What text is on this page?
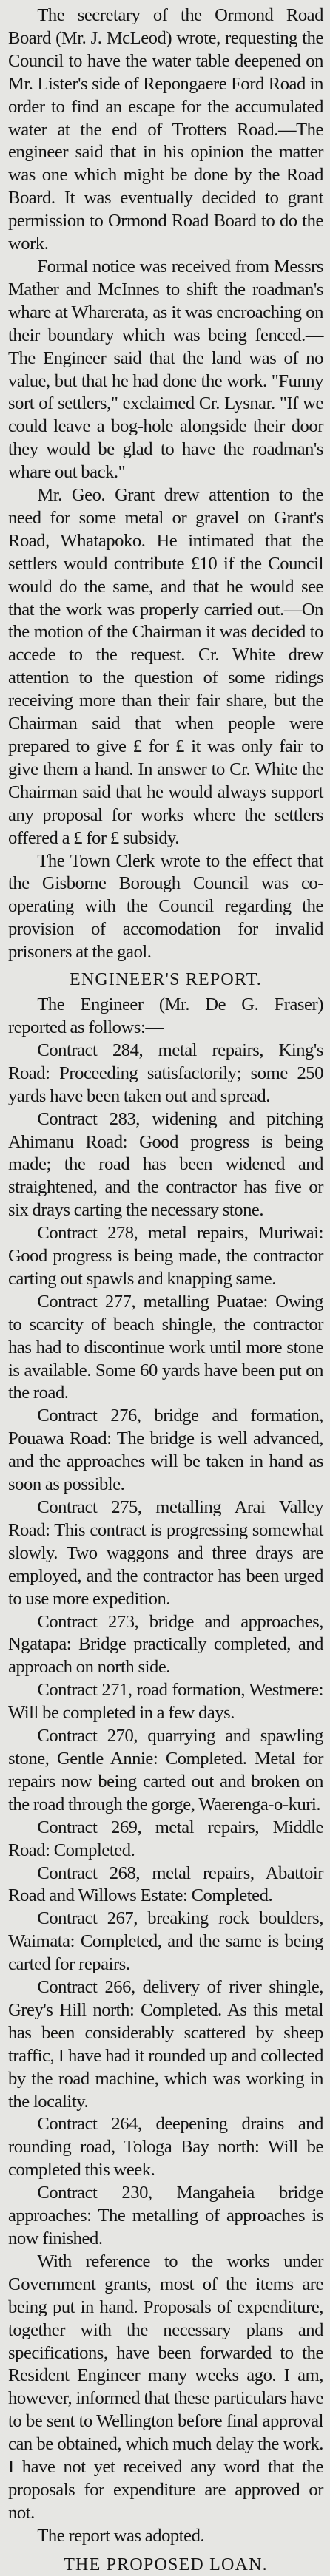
The secretary of the Ormond Road Board (Mr. J. McLeod) wrote, requesting the Council to have the water table deepened on Mr. Lister's side of Repongaere Ford Road in order to find an escape for the accumulated water at the end of Trotters Road.—The engineer said that in his opinion the matter was one which might be done by the Road Board. It was eventually decided to grant permission to Ormond Road Board to do the work.

Formal notice was received from Messrs Mather and McInnes to shift the roadman's whare at Wharerata, as it was encroaching on their boundary which was being fenced.—The Engineer said that the land was of no value, but that he had done the work. "Funny sort of settlers," exclaimed Cr. Lysnar. "If we could leave a bog-hole alongside their door they would be glad to have the roadman's whare out back."

Mr. Geo. Grant drew attention to the need for some metal or gravel on Grant's Road, Whatapoko. He intimated that the settlers would contribute £10 if the Council would do the same, and that he would see that the work was properly carried out.—On the motion of the Chairman it was decided to accede to the request. Cr. White drew attention to the question of some ridings receiving more than their fair share, but the Chairman said that when people were prepared to give £ for £ it was only fair to give them a hand. In answer to Cr. White the Chairman said that he would always support any proposal for works where the settlers offered a £ for £ subsidy.

The Town Clerk wrote to the effect that the Gisborne Borough Council was co-operating with the Council regarding the provision of accomodation for invalid prisoners at the gaol.

ENGINEER'S REPORT.

The Engineer (Mr. De G. Fraser) reported as follows:—

Contract 284, metal repairs, King's Road: Proceeding satisfactorily; some 250 yards have been taken out and spread.

Contract 283, widening and pitching Ahimanu Road: Good progress is being made; the road has been widened and straightened, and the contractor has five or six drays carting the necessary stone.

Contract 278, metal repairs, Muriwai: Good progress is being made, the contractor carting out spawls and knapping same.

Contract 277, metalling Puatae: Owing to scarcity of beach shingle, the contractor has had to discontinue work until more stone is available. Some 60 yards have been put on the road.

Contract 276, bridge and formation, Pouawa Road: The bridge is well advanced, and the approaches will be taken in hand as soon as possible.

Contract 275, metalling Arai Valley Road: This contract is progressing somewhat slowly. Two waggons and three drays are employed, and the contractor has been urged to use more expedition.

Contract 273, bridge and approaches, Ngatapa: Bridge practically completed, and approach on north side.

Contract 271, road formation, Westmere: Will be completed in a few days.

Contract 270, quarrying and spawling stone, Gentle Annie: Completed. Metal for repairs now being carted out and broken on the road through the gorge, Waerenga-o-kuri.

Contract 269, metal repairs, Middle Road: Completed.

Contract 268, metal repairs, Abattoir Road and Willows Estate: Completed.

Contract 267, breaking rock boulders, Waimata: Completed, and the same is being carted for repairs.

Contract 266, delivery of river shingle, Grey's Hill north: Completed. As this metal has been considerably scattered by sheep traffic, I have had it rounded up and collected by the road machine, which was working in the locality.

Contract 264, deepening drains and rounding road, Tologa Bay north: Will be completed this week.

Contract 230, Mangaheia bridge approaches: The metalling of approaches is now finished.

With reference to the works under Government grants, most of the items are being put in hand. Proposals of expenditure, together with the necessary plans and specifications, have been forwarded to the Resident Engineer many weeks ago. I am, however, informed that these particulars have to be sent to Wellington before final approval can be obtained, which much delay the work. I have not yet received any word that the proposals for expenditure are approved or not.

The report was adopted.

THE PROPOSED LOAN.
